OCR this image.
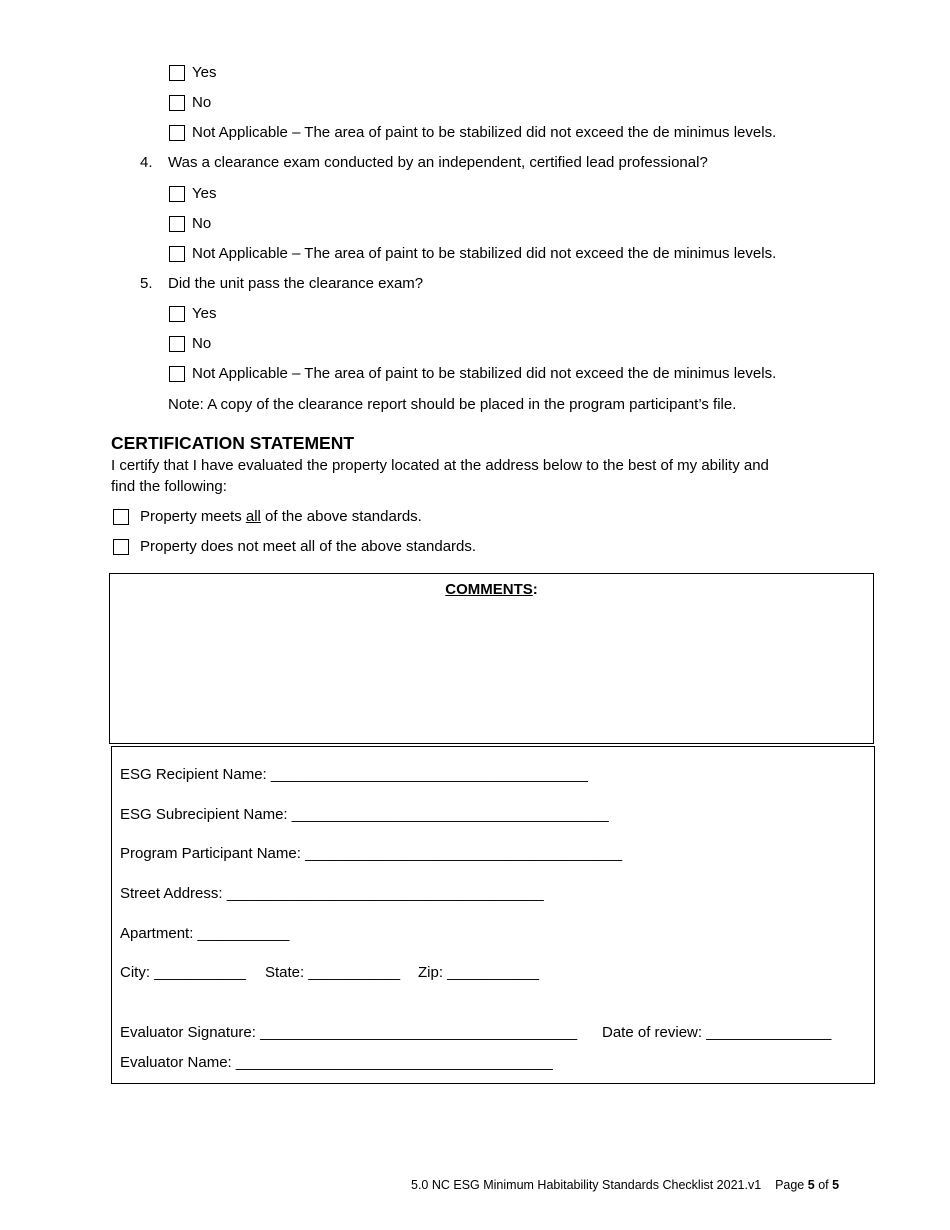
Yes
No
Not Applicable – The area of paint to be stabilized did not exceed the de minimus levels.
4. Was a clearance exam conducted by an independent, certified lead professional?
Yes
No
Not Applicable – The area of paint to be stabilized did not exceed the de minimus levels.
5. Did the unit pass the clearance exam?
Yes
No
Not Applicable – The area of paint to be stabilized did not exceed the de minimus levels.
Note: A copy of the clearance report should be placed in the program participant’s file.
CERTIFICATION STATEMENT
I certify that I have evaluated the property located at the address below to the best of my ability and
find the following:
Property meets all of the above standards.
Property does not meet all of the above standards.
COMMENTS:
ESG Recipient Name: ______________________________________
ESG Subrecipient Name: ______________________________________
Program Participant Name: ______________________________________
Street Address: ______________________________________
Apartment: ___________
City: ___________ State: ___________ Zip: ___________
Evaluator Signature: ______________________________________ Date of review: _______________
Evaluator Name: ______________________________________
5.0 NC ESG Minimum Habitability Standards Checklist 2021.v1 Page 5 of 5
